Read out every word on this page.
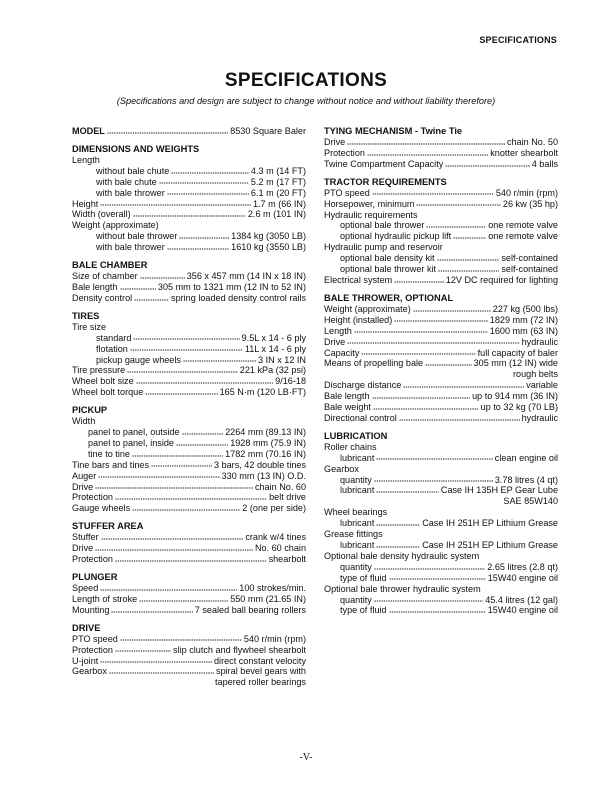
SPECIFICATIONS
SPECIFICATIONS
(Specifications and design are subject to change without notice and without liability therefore)
MODEL	8530 Square Baler
DIMENSIONS AND WEIGHTS
Length
without bale chute	4.3 m (14 FT)
with bale chute	5.2 m (17 FT)
with bale thrower	6.1 m (20 FT)
Height	1.7 m (66 IN)
Width (overall)	2.6 m (101 IN)
Weight (approximate)
without bale thrower	1384 kg (3050 LB)
with bale thrower	1610 kg (3550 LB)
BALE CHAMBER
Size of chamber	356 x 457 mm (14 IN x 18 IN)
Bale length	305 mm to 1321 mm (12 IN to 52 IN)
Density control	spring loaded density control rails
TIRES
Tire size
standard	9.5L x 14 - 6 ply
flotation	11L x 14 - 6 ply
pickup gauge wheels	3 IN x 12 IN
Tire pressure	221 kPa (32 psi)
Wheel bolt size	9/16-18
Wheel bolt torque	165 N·m (120 LB·FT)
PICKUP
Width
panel to panel, outside	2264 mm (89.13 IN)
panel to panel, inside	1928 mm (75.9 IN)
tine to tine	1782 mm (70.16 IN)
Tine bars and tines	3 bars, 42 double tines
Auger	330 mm (13 IN) O.D.
Drive	chain No. 60
Protection	belt drive
Gauge wheels	2 (one per side)
STUFFER AREA
Stuffer	crank w/4 tines
Drive	No. 60 chain
Protection	shearbolt
PLUNGER
Speed	100 strokes/min.
Length of stroke	550 mm (21.65 IN)
Mounting	7 sealed ball bearing rollers
DRIVE
PTO speed	540 r/min (rpm)
Protection	slip clutch and flywheel shearbolt
U-joint	direct constant velocity
Gearbox	spiral bevel gears with
tapered roller bearings
TYING MECHANISM - Twine Tie
Drive	chain No. 50
Protection	knotter shearbolt
Twine Compartment Capacity	4 balls
TRACTOR REQUIREMENTS
PTO speed	540 r/min (rpm)
Horsepower, minimum	26 kw (35 hp)
Hydraulic requirements
optional bale thrower	one remote valve
optional hydraulic pickup lift	one remote valve
Hydraulic pump and reservoir
optional bale density kit	self-contained
optional bale thrower kit	self-contained
Electrical system	12V DC required for lighting
BALE THROWER, OPTIONAL
Weight (approximate)	227 kg (500 lbs)
Height (installed)	1829 mm (72 IN)
Length	1600 mm (63 IN)
Drive	hydraulic
Capacity	full capacity of baler
Means of propelling bale	305 mm (12 IN) wide
rough belts
Discharge distance	variable
Bale length	up to 914 mm (36 IN)
Bale weight	up to 32 kg (70 LB)
Directional control	hydraulic
LUBRICATION
Roller chains
lubricant	clean engine oil
Gearbox
quantity	3.78 litres (4 qt)
lubricant	Case IH 135H EP Gear Lube
SAE 85W140
Wheel bearings
lubricant	Case IH 251H EP Lithium Grease
Grease fittings
lubricant	Case IH 251H EP Lithium Grease
Optional bale density hydraulic system
quantity	2.65 litres (2.8 qt)
type of fluid	15W40 engine oil
Optional bale thrower hydraulic system
quantity	45.4 litres (12 gal)
type of fluid	15W40 engine oil
-V-
